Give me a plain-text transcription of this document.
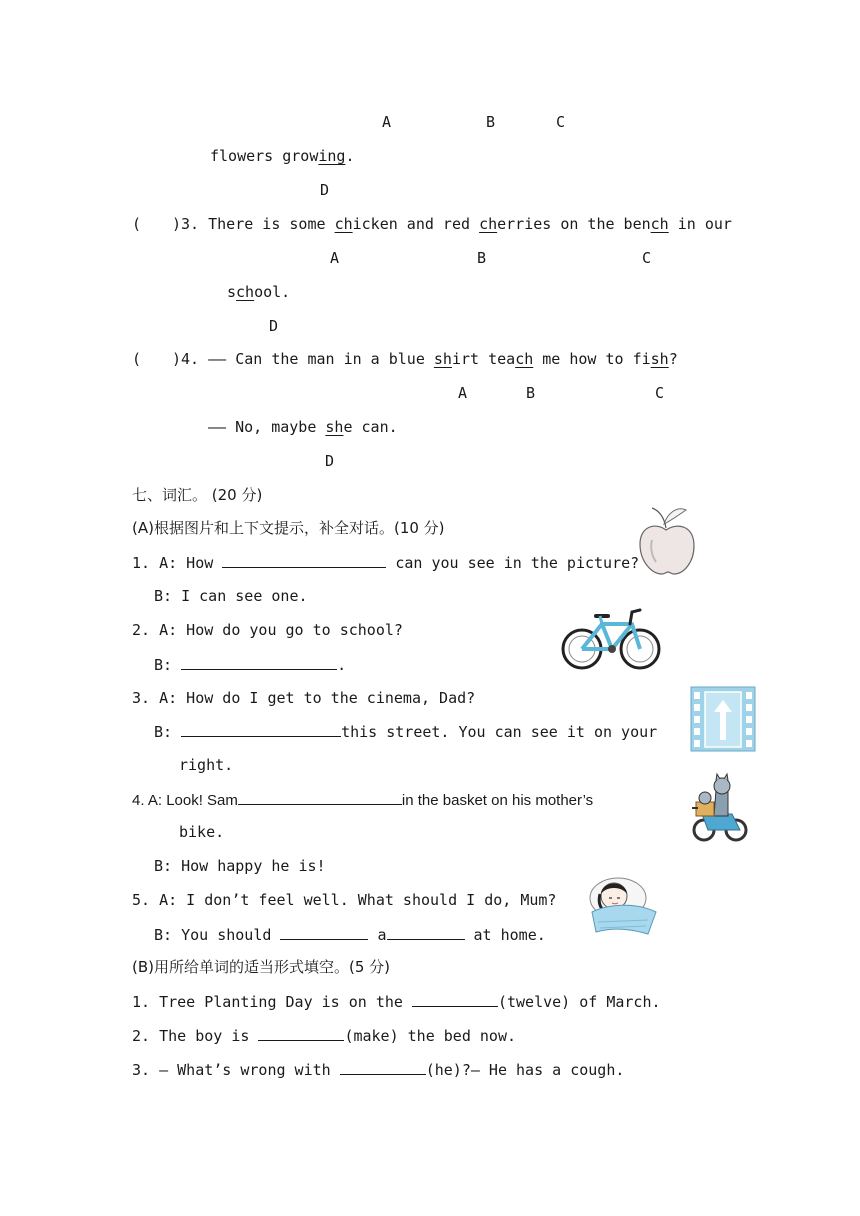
A	B	C
flowers growing.
D
( )3. There is some chicken and red cherries on the bench in our
A	B	C
school.
D
( )4. —— Can the man in a blue shirt teach me how to fish?
A	B	C
—— No, maybe she can.
D
七、词汇。 (20 分)
(A)根据图片和上下文提示，补全对话。(10 分)
1. A: How	can you see in the picture?
B: I can see one.
2. A: How do you go to school?
B:	.
3. A: How do I get to the cinema, Dad?
B:	this street. You can see it on your
right.
4. A: Look! Sam	in the basket on his mother’s
bike.
B: How happy he is!
5. A: I don’t feel well. What should I do, Mum?
B: You should	a	at home.
(B)用所给单词的适当形式填空。(5 分)
1. Tree Planting Day is on the	(twelve) of March.
2. The boy is	(make) the bed now.
3. — What’s wrong with	(he)?— He has a cough.
